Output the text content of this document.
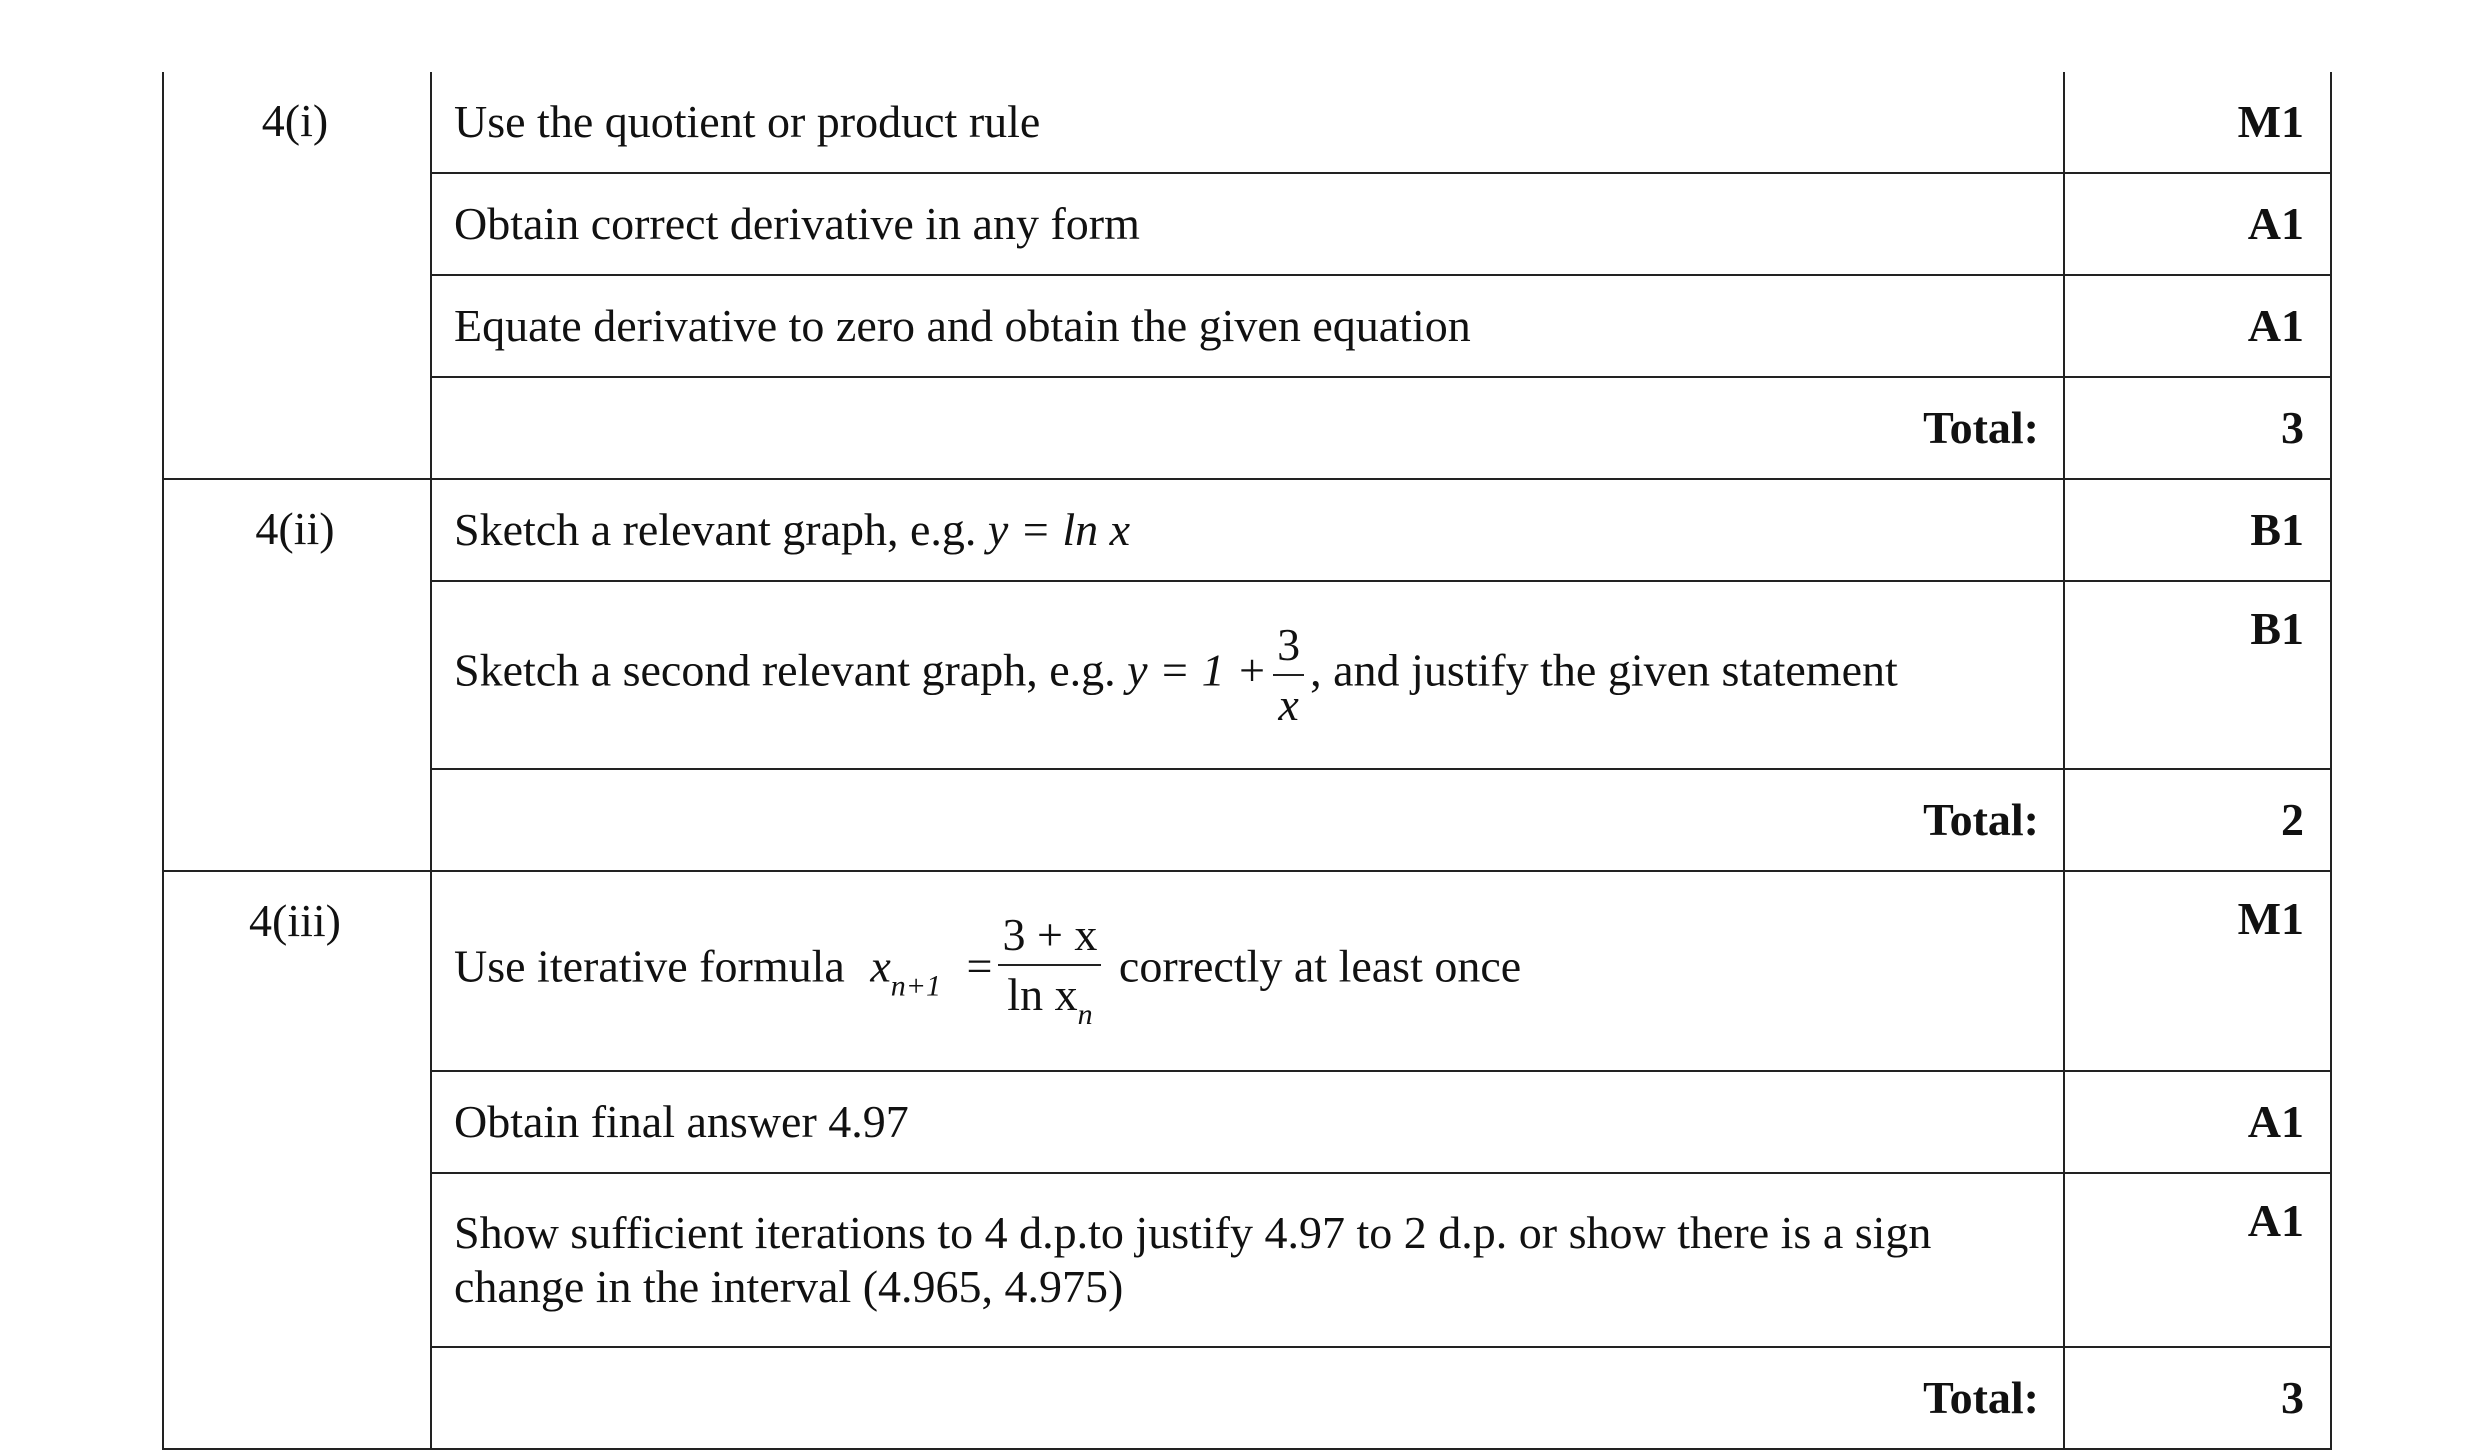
4(i)	Use the quotient or product rule	M1
	Obtain correct derivative in any form	A1
	Equate derivative to zero and obtain the given equation	A1
	Total:	3
4(ii)	Sketch a relevant graph, e.g. y = ln x	B1
	Sketch a second relevant graph, e.g. $y = 1 + \frac{3}{x}$ , and justify the given statement	B1
	Total:	2
4(iii)	Use iterative formula $x_{n+1} = \frac{3 + x}{\ln x_n}$ correctly at least once	M1
	Obtain final answer 4.97	A1
	Show sufficient iterations to 4 d.p.to justify 4.97 to 2 d.p. or show there is a sign change in the interval (4.965, 4.975)	A1
	Total:	3
